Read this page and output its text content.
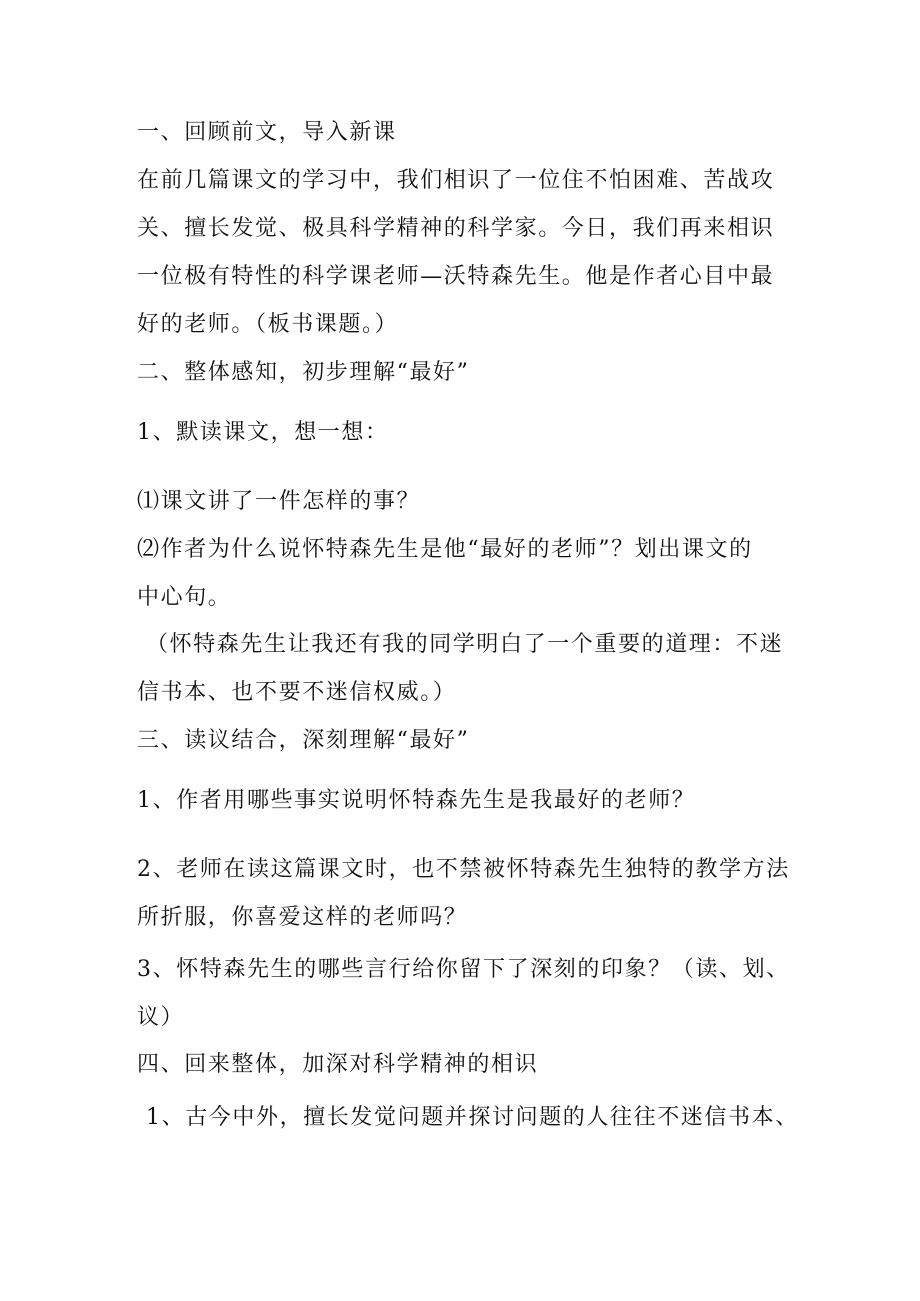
一、回顾前文，导入新课
在前几篇课文的学习中，我们相识了一位住不怕困难、苦战攻
关、擅长发觉、极具科学精神的科学家。今日，我们再来相识
一位极有特性的科学课老师—沃特森先生。他是作者心目中最
好的老师。（板书课题。）
二、整体感知，初步理解“最好”
1、默读课文，想一想：
⑴课文讲了一件怎样的事？
⑵作者为什么说怀特森先生是他“最好的老师”？划出课文的
中心句。
（怀特森先生让我还有我的同学明白了一个重要的道理：不迷
信书本、也不要不迷信权威。）
三、读议结合，深刻理解“最好”
1、作者用哪些事实说明怀特森先生是我最好的老师？
2、老师在读这篇课文时，也不禁被怀特森先生独特的教学方法
所折服，你喜爱这样的老师吗？
3、怀特森先生的哪些言行给你留下了深刻的印象？（读、划、
议）
四、回来整体，加深对科学精神的相识
1、古今中外，擅长发觉问题并探讨问题的人往往不迷信书本、
